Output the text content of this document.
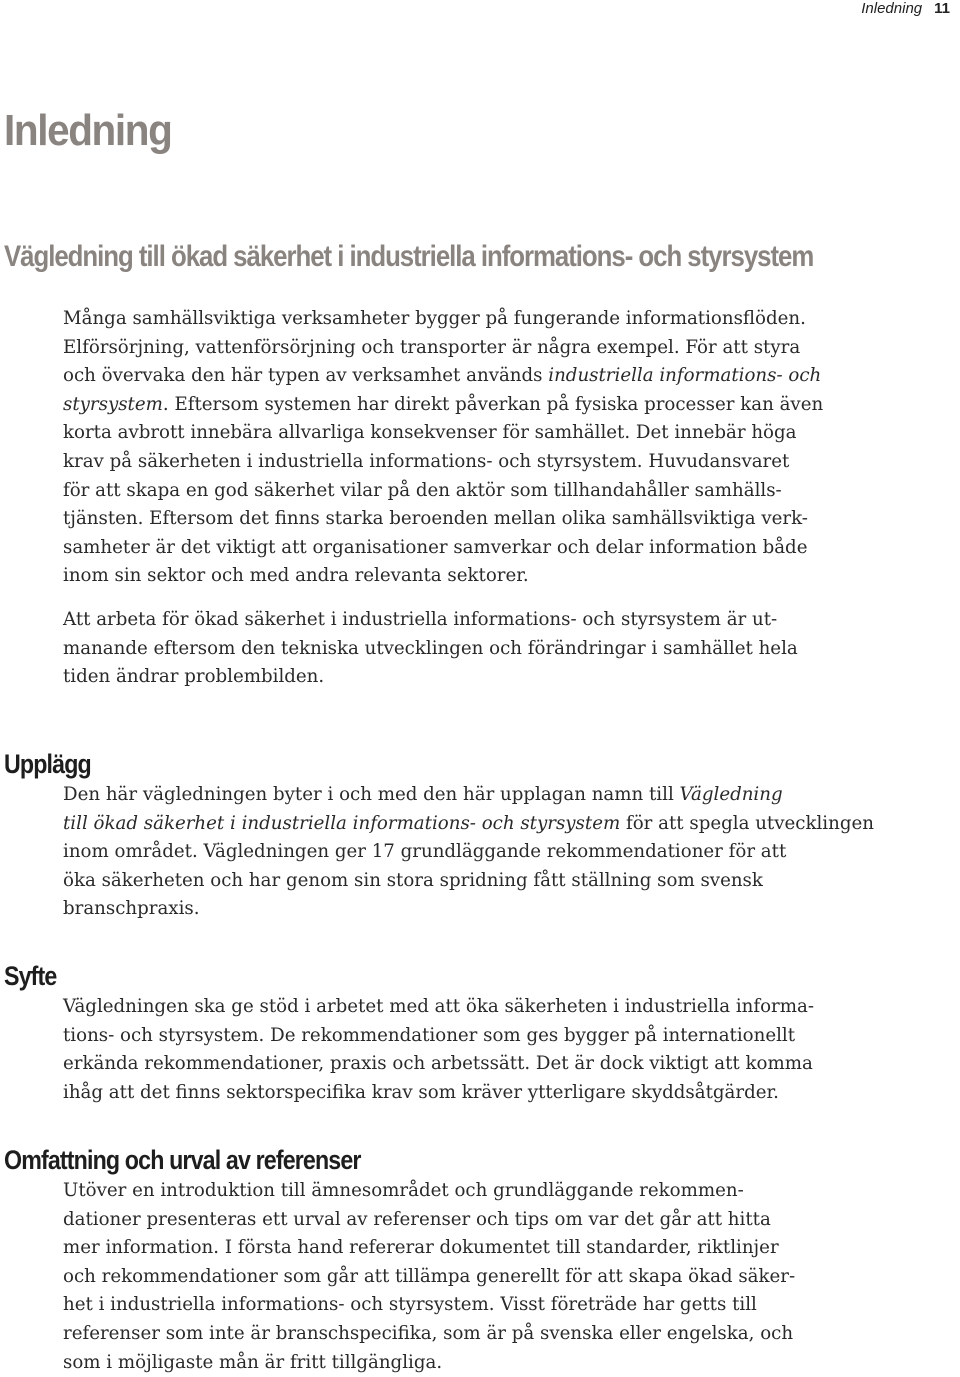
Inledning 11
Inledning
Vägledning till ökad säkerhet i industriella informations- och styrsystem

Många samhällsviktiga verksamheter bygger på fungerande informationsflöden.
Elförsörjning, vattenförsörjning och transporter är några exempel. För att styra
och övervaka den här typen av verksamhet används industriella informations- och
styrsystem. Eftersom systemen har direkt påverkan på fysiska processer kan även
korta avbrott innebära allvarliga konsekvenser för samhället. Det innebär höga
krav på säkerheten i industriella informations- och styrsystem. Huvudansvaret
för att skapa en god säkerhet vilar på den aktör som tillhandahåller samhälls-
tjänsten. Eftersom det finns starka beroenden mellan olika samhällsviktiga verk-
samheter är det viktigt att organisationer samverkar och delar information både
inom sin sektor och med andra relevanta sektorer.

Att arbeta för ökad säkerhet i industriella informations- och styrsystem är ut-
manande eftersom den tekniska utvecklingen och förändringar i samhället hela
tiden ändrar problembilden.

Upplägg

Den här vägledningen byter i och med den här upplagan namn till Vägledning
till ökad säkerhet i industriella informations- och styrsystem för att spegla utvecklingen
inom området. Vägledningen ger 17 grundläggande rekommendationer för att
öka säkerheten och har genom sin stora spridning fått ställning som svensk
branschpraxis.

Syfte

Vägledningen ska ge stöd i arbetet med att öka säkerheten i industriella informa-
tions- och styrsystem. De rekommendationer som ges bygger på internationellt
erkända rekommendationer, praxis och arbetssätt. Det är dock viktigt att komma
ihåg att det finns sektorspecifika krav som kräver ytterligare skyddsåtgärder.

Omfattning och urval av referenser

Utöver en introduktion till ämnesområdet och grundläggande rekommen-
dationer presenteras ett urval av referenser och tips om var det går att hitta
mer information. I första hand refererar dokumentet till standarder, riktlinjer
och rekommendationer som går att tillämpa generellt för att skapa ökad säker-
het i industriella informations- och styrsystem. Visst företräde har getts till
referenser som inte är branschspecifika, som är på svenska eller engelska, och
som i möjligaste mån är fritt tillgängliga.
